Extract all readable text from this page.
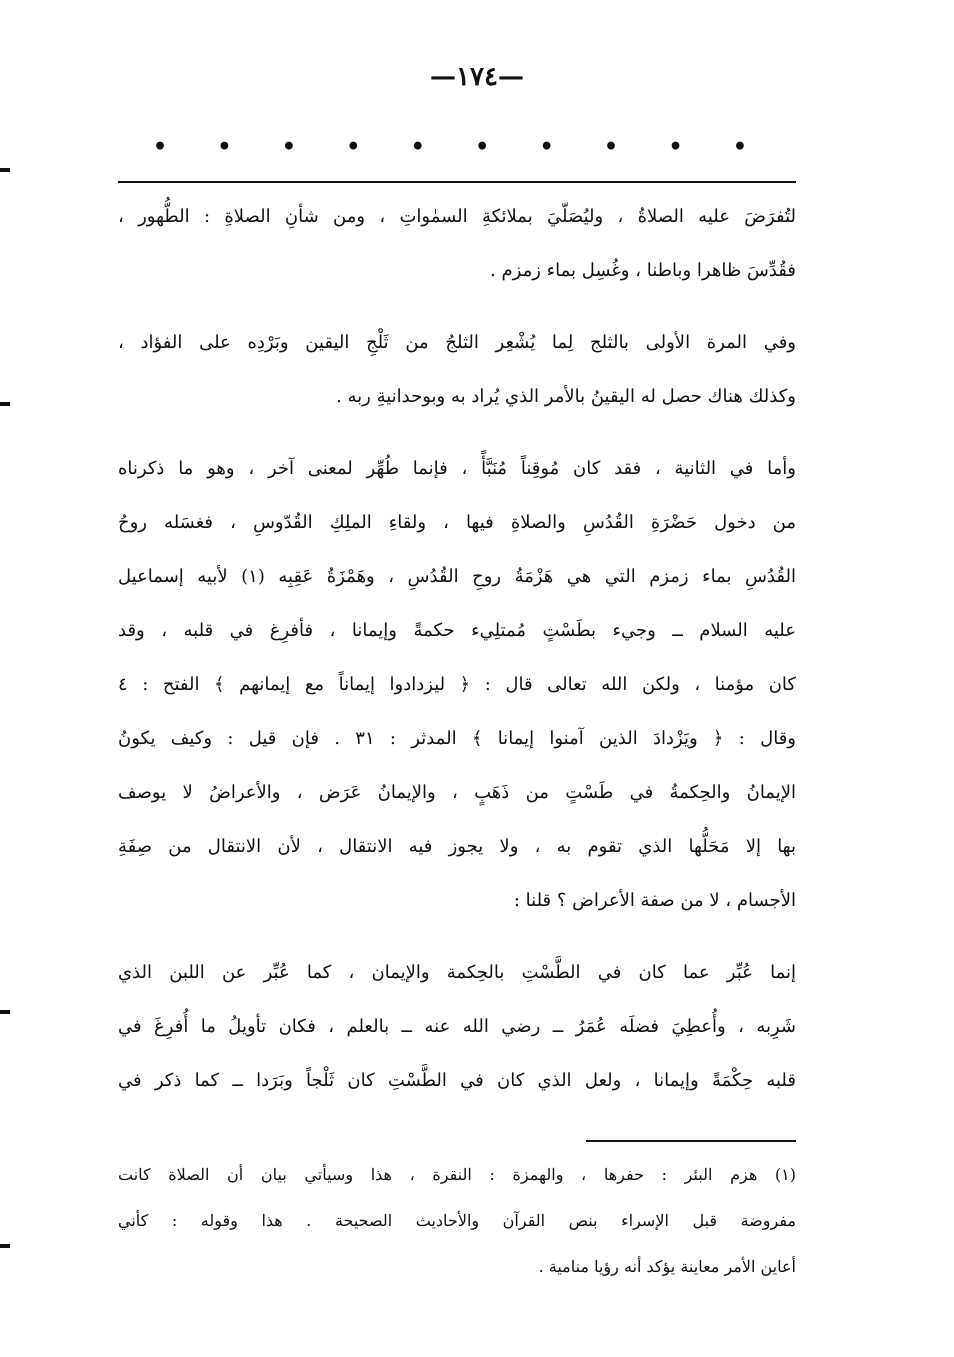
—١٧٤—
• • • • • • • • • •
لتُفرَضَ عليه الصلاةُ ، وليُصَلّيَ بملائكةِ السمٰواتِ ، ومن شأنِ الصلاةِ : الطُّهور ،
فقُدِّسَ ظاهرا وباطنا ، وغُسِل بماء زمزم .
وفي المرة الأولى بالثلج لِما يُشْعِر الثلجُ من ثَلْجِ اليقين وبَرْدِه على الفؤاد ،
وكذلك هناك حصل له اليقينُ بالأمر الذي يُراد به وبوحدانيةِ ربه .
وأما في الثانية ، فقد كان مُوقِناً مُنَبَّأً ، فإنما طُهِّر لمعنى آخر ، وهو ما ذكرناه
من دخول حَضْرَةِ القُدُسِ والصلاةِ فيها ، ولقاءِ الملِكِ القُدّوسِ ، فغسَله روحُ
القُدُسِ بماء زمزم التي هي هَزْمَةُ روحِ القُدُسِ ، وهَمْزَةُ عَقِبِه (١) لأبيه إسماعيل
عليه السلام ــ وجيء بطَسْتٍ مُمتلِيء حكمةً وإيمانا ، فأفرِغ في قلبه ، وقد
كان مؤمنا ، ولكن الله تعالى قال : ﴿ ليزدادوا إيماناً مع إيمانهم ﴾ الفتح : ٤
وقال : ﴿ ويَزْدادَ الذين آمنوا إيمانا ﴾ المدثر : ٣١ . فإن قيل : وكيف يكونُ
الإيمانُ والحِكمةُ في طَسْتٍ من ذَهَبٍ ، والإيمانُ عَرَض ، والأعراضُ لا يوصف
بها إلا مَحَلُّها الذي تقوم به ، ولا يجوز فيه الانتقال ، لأن الانتقال من صِفَةِ
الأجسام ، لا من صفة الأعراض ؟ قلنا :
إنما عُبِّر عما كان في الطَّسْتِ بالحِكمة والإيمان ، كما عُبِّر عن اللبن الذي
شَرِبه ، وأُعطِيَ فضلَه عُمَرُ ــ رضي الله عنه ــ بالعلم ، فكان تأويلُ ما أُفرِغَ في
قلبه حِكْمَةً وإيمانا ، ولعل الذي كان في الطَّسْتِ كان ثَلْجاً وبَرَدا ــ كما ذكر في
(١) هزم البئر : حفرها ، والهمزة : النقرة ، هذا وسيأتي بيان أن الصلاة كانت
مفروضة قبل الإسراء بنص القرآن والأحاديث الصحيحة . هذا وقوله : كأني
أعاين الأمر معاينة يؤكد أنه رؤيا منامية .
